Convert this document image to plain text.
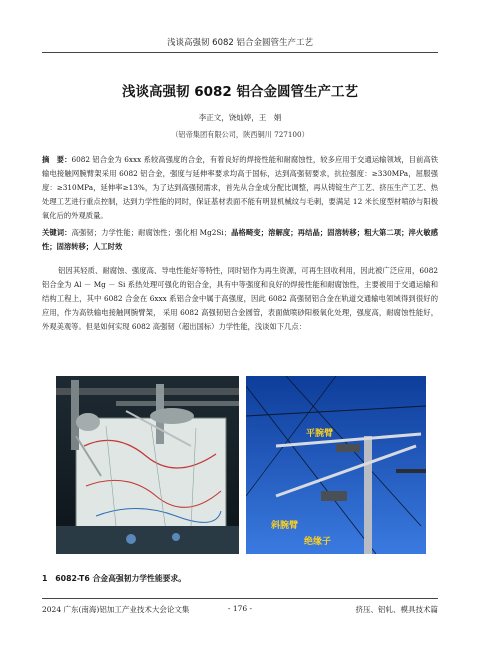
浅谈高强韧 6082 铝合金圆管生产工艺
浅谈高强韧 6082 铝合金圆管生产工艺
李正文，饶灿婷，王　娟
（铝帝集团有限公司，陕西铜川 727100）
摘　要：6082 铝合金为 6xxx 系较高强度的合金，有着良好的焊接性能和耐腐蚀性，较多应用于交通运输领域，目前高铁输电接触网腕臂架采用 6082 铝合金，强度与延伸率要求均高于国标，达到高强韧要求，抗拉强度：≥330MPa，屈服强度：≥310MPa，延伸率≥13%，为了达到高强韧需求，首先从合金成分配比调整，再从铸锭生产工艺、挤压生产工艺、热处理工艺进行重点控制，达到力学性能的同时，保证基材表面不能有明显机械纹与毛刺，要满足 12 米长度型材喷砂与阳极氧化后的外观质量。
关键词：高强韧；力学性能；耐腐蚀性；强化相 Mg2Si；晶格畸变；溶解度；再结晶；固溶转移；粗大第二项；淬火敏感性；固溶转移；人工时效
铝因其轻质、耐腐蚀、强度高、导电性能好等特性，同时铝作为再生资源，可再生回收利用，因此被广泛应用，6082 铝合金为 Al － Mg － Si 系热处理可强化的铝合金，具有中等强度和良好的焊接性能和耐腐蚀性，主要被用于交通运输和结构工程上，其中 6082 合金在 6xxx 系铝合金中属于高强度，因此 6082 高强韧铝合金在轨道交通输电领域得到很好的应用，作为高铁输电接触网腕臂架， 采用 6082 高强韧铝合金圆管，表面做喷砂阳极氧化处理，强度高，耐腐蚀性能好，外观美观等。但是如何实现 6082 高强韧（超出国标）力学性能，浅谈如下几点：
平腕臂
斜腕臂
绝缘子
1　6082-T6 合金高强韧力学性能要求。
2024 广东(南海)铝加工产业技术大会论文集	- 176 -	挤压、铝轧、模具技术篇
